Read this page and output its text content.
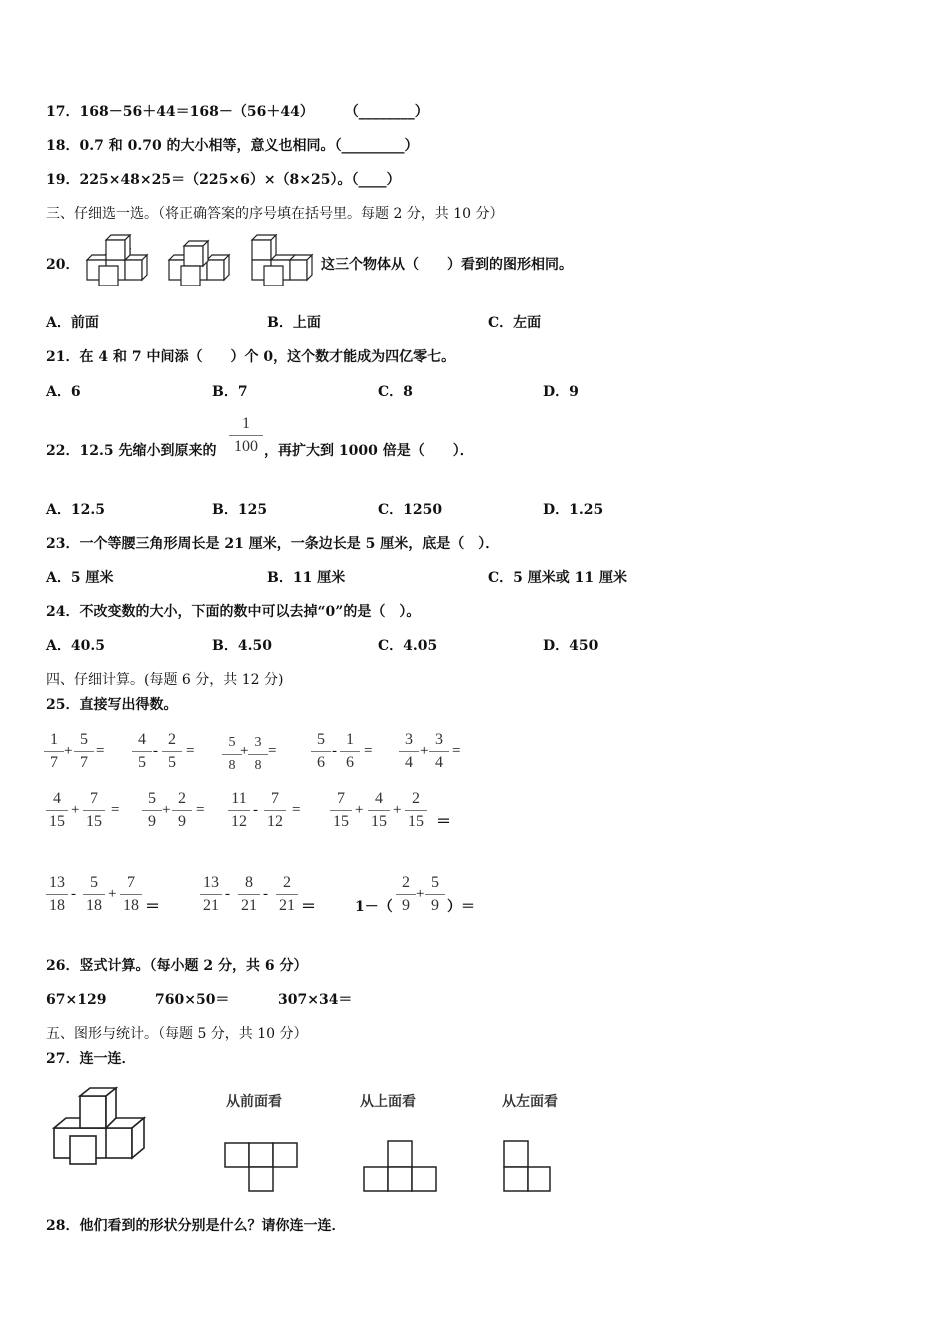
17．168－56＋44＝168－（56＋44） （________）
18．0.7 和 0.70 的大小相等，意义也相同。（_________）
19．225×48×25＝（225×6）×（8×25）。（____）
三、仔细选一选。（将正确答案的序号填在括号里。每题 2 分，共 10 分）
20．	这三个物体从（　　）看到的图形相同。
A．前面	B．上面	C．左面
21．在 4 和 7 中间添（　　）个 0，这个数才能成为四亿零七。
A．6	B．7	C．8	D．9
22．12.5 先缩小到原来的 $\frac{1}{100}$ ，再扩大到 1000 倍是（　　）．
A．12.5	B．125	C．1250	D．1.25
23．一个等腰三角形周长是 21 厘米，一条边长是 5 厘米，底是（　）．
A．5 厘米	B．11 厘米	C．5 厘米或 11 厘米
24．不改变数的大小，下面的数中可以去掉“0”的是（　）。
A．40.5	B．4.50	C．4.05	D．450
四、仔细计算。(每题 6 分，共 12 分)
25．直接写出得数。
$\frac{1}{7} + \frac{5}{7} = \frac{4}{5} - \frac{2}{5} = \frac{5}{8}$
+ $\frac{3}{8} = \frac{5}{6} - \frac{1}{6} = \frac{3}{4} + \frac{3}{4}$ =
$\frac{4}{15} + \frac{7}{15} = \frac{5}{9} + \frac{2}{9} = \frac{11}{12} - \frac{7}{12} = \frac{7}{15} + \frac{4}{15} + \frac{2}{15}$ ＝
$\frac{13}{18} - \frac{5}{18} + \frac{7}{18} = \frac{13}{21} - \frac{8}{21} - \frac{2}{21}$ ＝	$1-( \frac{2}{9} + \frac{5}{9}$ ）＝
26．竖式计算。（每小题 2 分，共 6 分）
67×129	760×50＝	307×34＝
五、图形与统计。（每题 5 分，共 10 分）
27．连一连．
从前面看	从上面看	从左面看
28．他们看到的形状分别是什么？请你连一连．
